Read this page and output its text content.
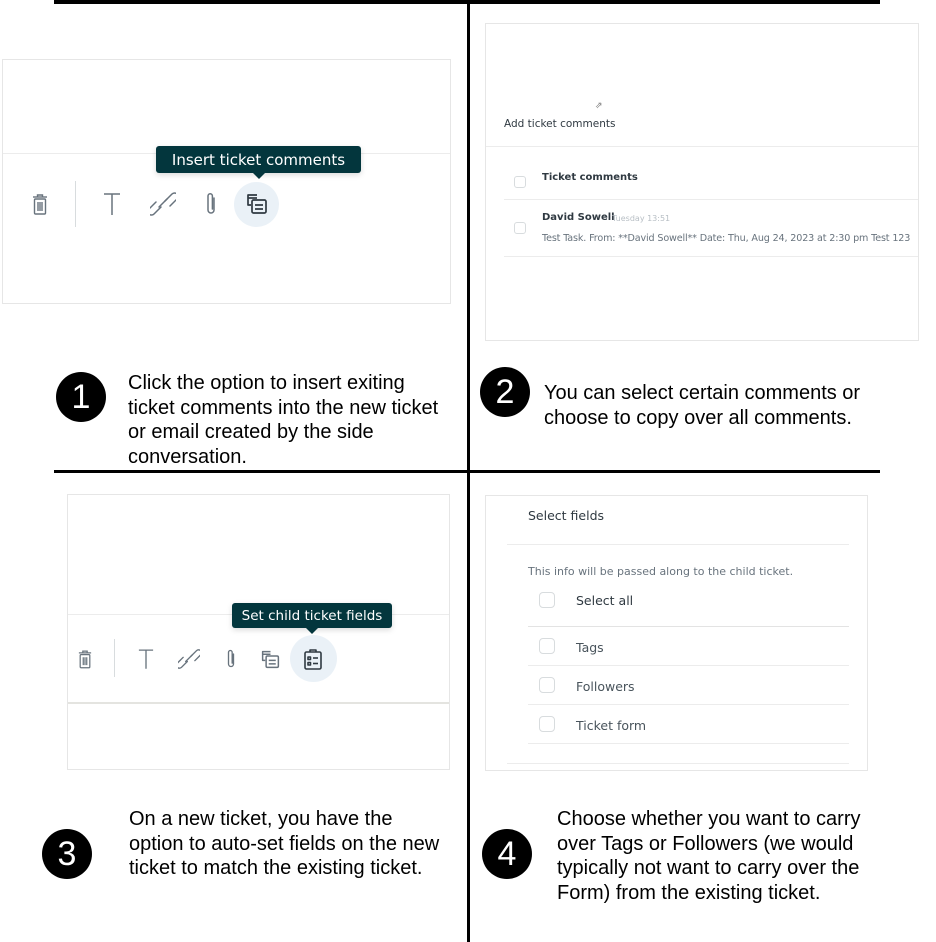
Insert ticket comments
1 Click the option to insert exiting ticket comments into the new ticket or email created by the side conversation.
⇗
Add ticket comments
Ticket comments
David Sowell
Tuesday 13:51
Test Task. From: **David Sowell** Date: Thu, Aug 24, 2023 at 2:30 pm Test 123
2 You can select certain comments or choose to copy over all comments.
Set child ticket fields
3
On a new ticket, you have the option to auto-set fields on the new ticket to match the existing ticket.
Select fields
This info will be passed along to the child ticket.
Select all
Tags
Followers
Ticket form
4
Choose whether you want to carry over Tags or Followers (we would typically not want to carry over the Form) from the existing ticket.
